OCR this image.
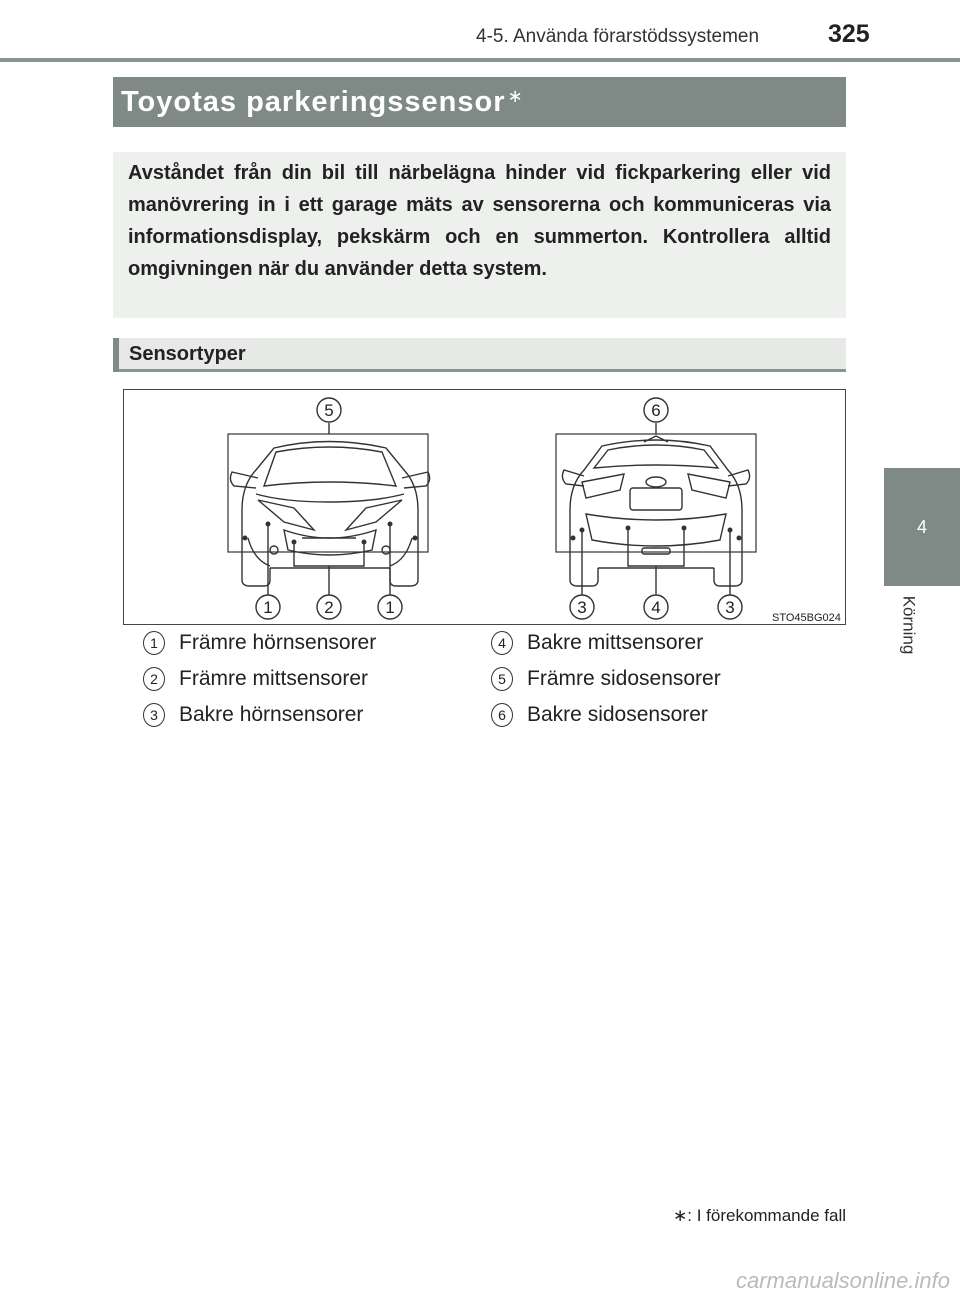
4-5. Använda förarstödssystemen	325
4
Körning
Toyotas parkeringssensor∗

Avståndet från din bil till närbelägna hinder vid fickparkering eller vid manövrering in i ett garage mäts av sensorerna och kommuniceras via informationsdisplay, pekskärm och en summerton. Kontrollera alltid omgivningen när du använder detta system.

Sensortyper
5	6
1	2	1	3	4	3
STO45BG024
1	Främre hörnsensorer
2	Främre mittsensorer
3	Bakre hörnsensorer
4	Bakre mittsensorer
5	Främre sidosensorer
6	Bakre sidosensorer
∗: I förekommande fall
carmanualsonline.info
